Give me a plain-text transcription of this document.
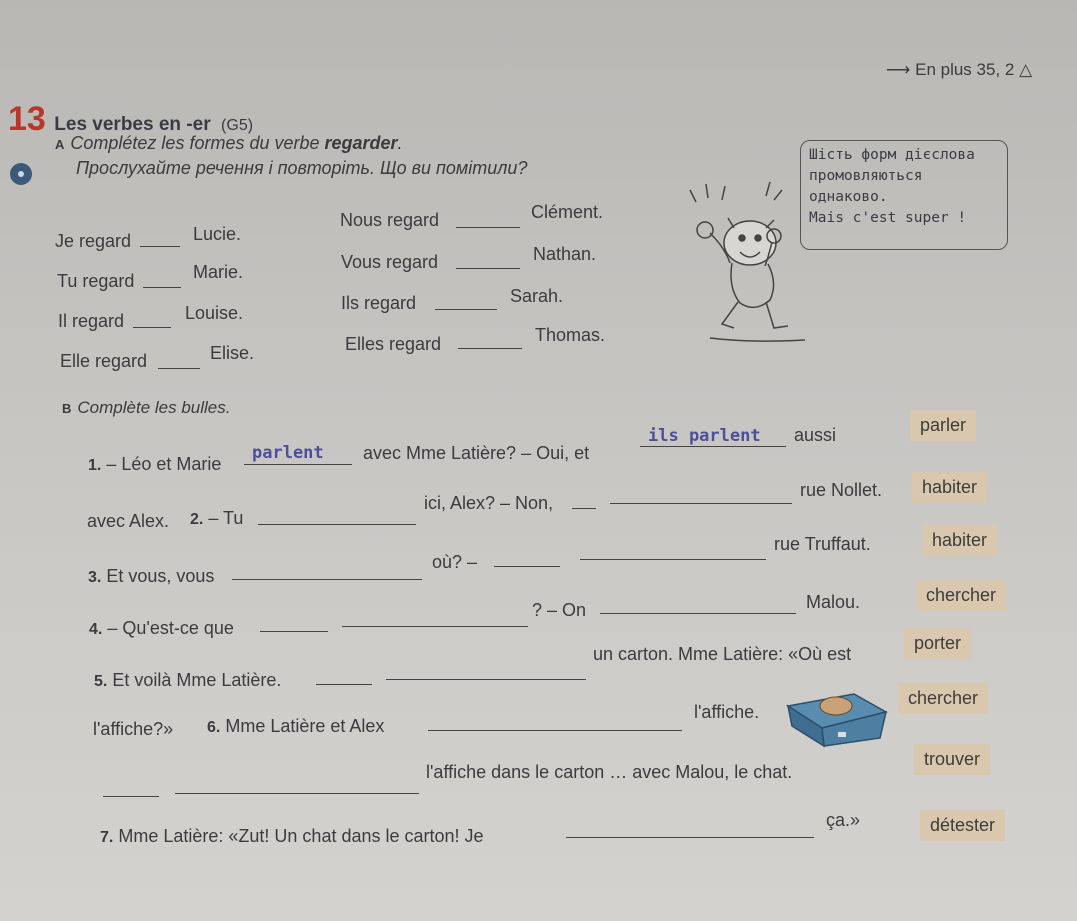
⟶ En plus 35, 2 △
13 Les verbes en -er (G5)
A Complétez les formes du verbe regarder.
Прослухайте речення і повторіть. Що ви помітили?
Je regard	Lucie.
Tu regard	Marie.
Il regard	Louise.
Elle regard	Elise.
Nous regard	Clément.
Vous regard	Nathan.
Ils regard	Sarah.
Elles regard	Thomas.
Шість форм дієслова
промовляються
однаково.
Mais c'est super !
B Complète les bulles.
1. – Léo et Marie
parlent avec Mme Latière? – Oui, et
ils parlent aussi
avec Alex. 2. – Tu
ici, Alex? – Non,
rue Nollet.
3. Et vous, vous
où? –
rue Truffaut.
4. – Qu'est-ce que
? – On	Malou.
5. Et voilà Mme Latière.
un carton. Mme Latière: «Où est
l'affiche?» 6. Mme Latière et Alex
l'affiche.
l'affiche dans le carton … avec Malou, le chat.
7. Mme Latière: «Zut! Un chat dans le carton! Je
ça.»
parler
habiter
habiter
chercher
porter
chercher
trouver
détester
